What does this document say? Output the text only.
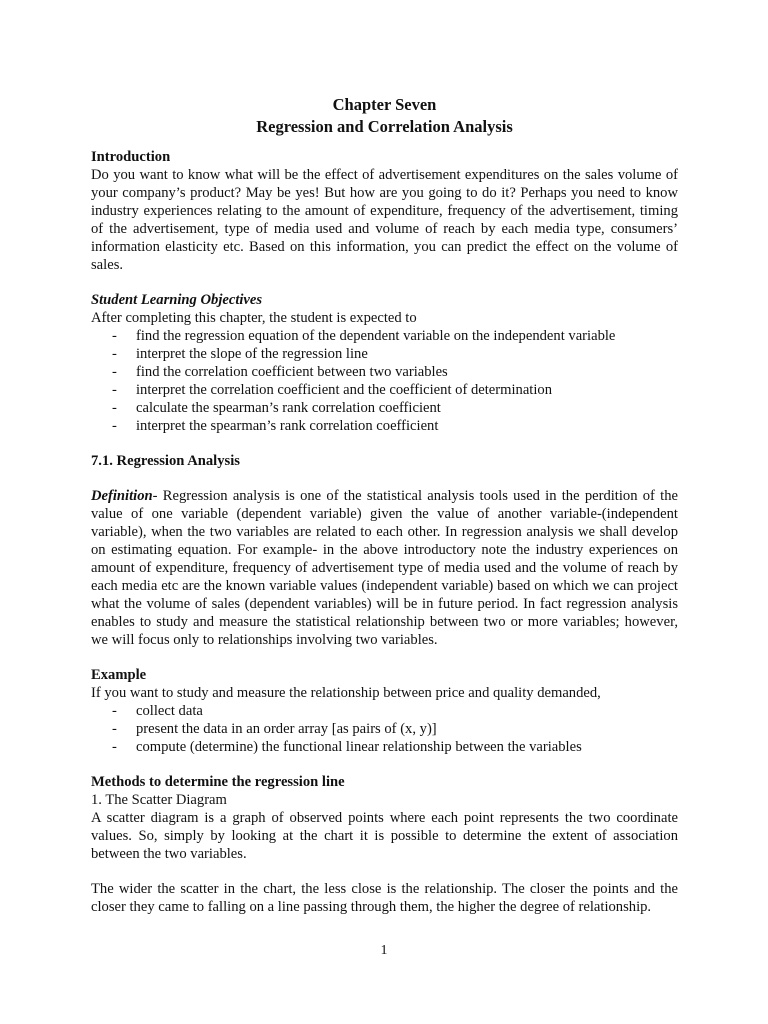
Chapter Seven
Regression and Correlation Analysis
Introduction

Do you want to know what will be the effect of advertisement expenditures on the sales volume of your company’s product? May be yes! But how are you going to do it? Perhaps you need to know industry experiences relating to the amount of expenditure, frequency of the advertisement, timing of the advertisement, type of media used and volume of reach by each media type, consumers’ information elasticity etc. Based on this information, you can predict the effect on the volume of sales.

Student Learning Objectives

After completing this chapter, the student is expected to

- find the regression equation of the dependent variable on the independent variable
- interpret the slope of the regression line
- find the correlation coefficient between two variables
- interpret the correlation coefficient and the coefficient of determination
- calculate the spearman’s rank correlation coefficient
- interpret the spearman’s rank correlation coefficient
7.1. Regression Analysis

Definition- Regression analysis is one of the statistical analysis tools used in the perdition of the value of one variable (dependent variable) given the value of another variable-(independent variable), when the two variables are related to each other. In regression analysis we shall develop on estimating equation. For example- in the above introductory note the industry experiences on amount of expenditure, frequency of advertisement type of media used and the volume of reach by each media etc are the known variable values (independent variable) based on which we can project what the volume of sales (dependent variables) will be in future period. In fact regression analysis enables to study and measure the statistical relationship between two or more variables; however, we will focus only to relationships involving two variables.

Example

If you want to study and measure the relationship between price and quality demanded,

- collect data
- present the data in an order array [as pairs of (x, y)]
- compute (determine) the functional linear relationship between the variables
Methods to determine the regression line

1. The Scatter Diagram

A scatter diagram is a graph of observed points where each point represents the two coordinate values. So, simply by looking at the chart it is possible to determine the extent of association between the two variables.

The wider the scatter in the chart, the less close is the relationship. The closer the points and the closer they came to falling on a line passing through them, the higher the degree of relationship.

1
